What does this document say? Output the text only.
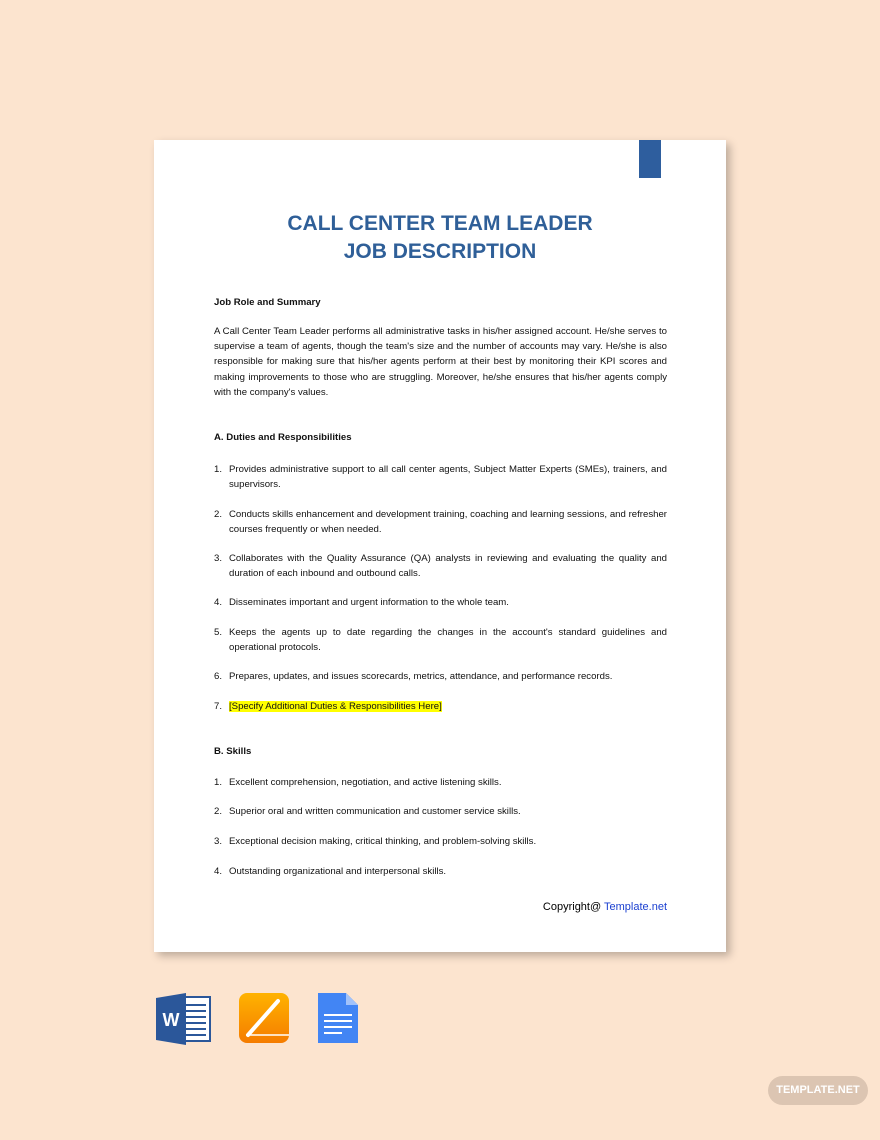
CALL CENTER TEAM LEADER
JOB DESCRIPTION
Job Role and Summary
A Call Center Team Leader performs all administrative tasks in his/her assigned account. He/she serves to supervise a team of agents, though the team's size and the number of accounts may vary. He/she is also responsible for making sure that his/her agents perform at their best by monitoring their KPI scores and making improvements to those who are struggling. Moreover, he/she ensures that his/her agents comply with the company's values.
A. Duties and Responsibilities
1. Provides administrative support to all call center agents, Subject Matter Experts (SMEs), trainers, and supervisors.
2. Conducts skills enhancement and development training, coaching and learning sessions, and refresher courses frequently or when needed.
3. Collaborates with the Quality Assurance (QA) analysts in reviewing and evaluating the quality and duration of each inbound and outbound calls.
4. Disseminates important and urgent information to the whole team.
5. Keeps the agents up to date regarding the changes in the account's standard guidelines and operational protocols.
6. Prepares, updates, and issues scorecards, metrics, attendance, and performance records.
7. [Specify Additional Duties & Responsibilities Here]
B. Skills
1. Excellent comprehension, negotiation, and active listening skills.
2. Superior oral and written communication and customer service skills.
3. Exceptional decision making, critical thinking, and problem-solving skills.
4. Outstanding organizational and interpersonal skills.
Copyright@ Template.net
W
TEMPLATE.NET
